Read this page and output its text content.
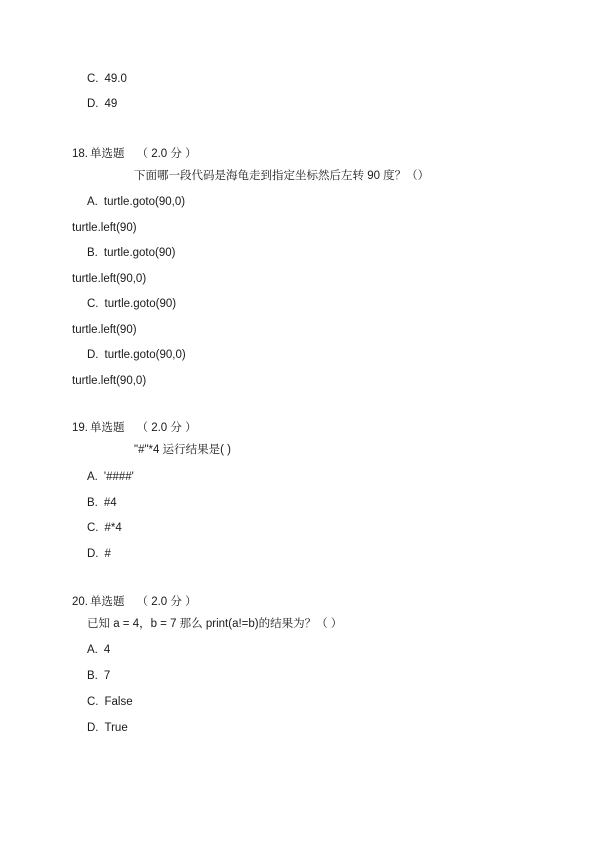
C. 49.0
D. 49
18. 单选题 （ 2.0 分 ）
下面哪一段代码是海龟走到指定坐标然后左转 90 度？（）
A. turtle.goto(90,0)
turtle.left(90)
B. turtle.goto(90)
turtle.left(90,0)
C. turtle.goto(90)
turtle.left(90)
D. turtle.goto(90,0)
turtle.left(90,0)
19. 单选题 （ 2.0 分 ）
"#"*4 运行结果是( )
A. '####'
B. #4
C. #*4
D. #
20. 单选题 （ 2.0 分 ）
已知 a = 4，b = 7 那么 print(a!=b)的结果为？（ ）
A. 4
B. 7
C. False
D. True
